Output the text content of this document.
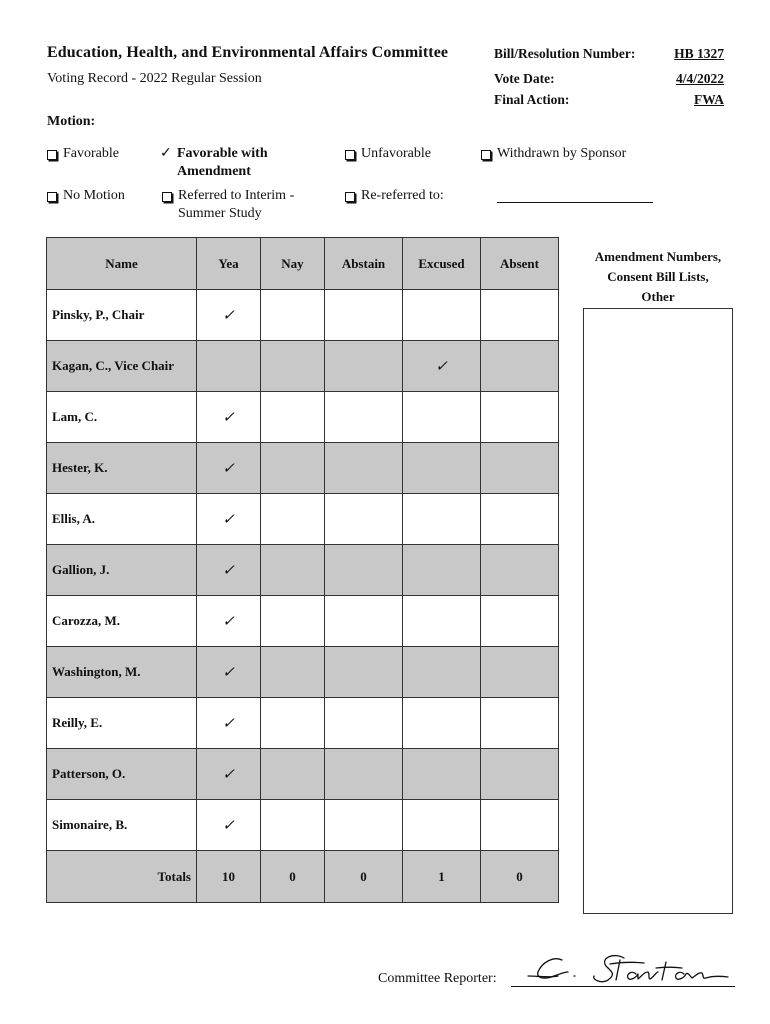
Education, Health, and Environmental Affairs Committee
Voting Record - 2022 Regular Session
Bill/Resolution Number:	HB 1327
Vote Date:	4/4/2022
Final Action:	FWA
Motion:
Favorable	✓ Favorable with Amendment
Unfavorable	Withdrawn by Sponsor
No Motion	Referred to Interim - Summer Study
Re-referred to:
Name	Yea	Nay	Abstain	Excused	Absent
Pinsky, P., Chair	✓				
Kagan, C., Vice Chair				✓	
Lam, C.	✓				
Hester, K.	✓				
Ellis, A.	✓				
Gallion, J.	✓				
Carozza, M.	✓				
Washington, M.	✓				
Reilly, E.	✓				
Patterson, O.	✓				
Simonaire, B.	✓				
Totals	10	0	0	1	0
Amendment Numbers,
Consent Bill Lists,
Other
Committee Reporter:
